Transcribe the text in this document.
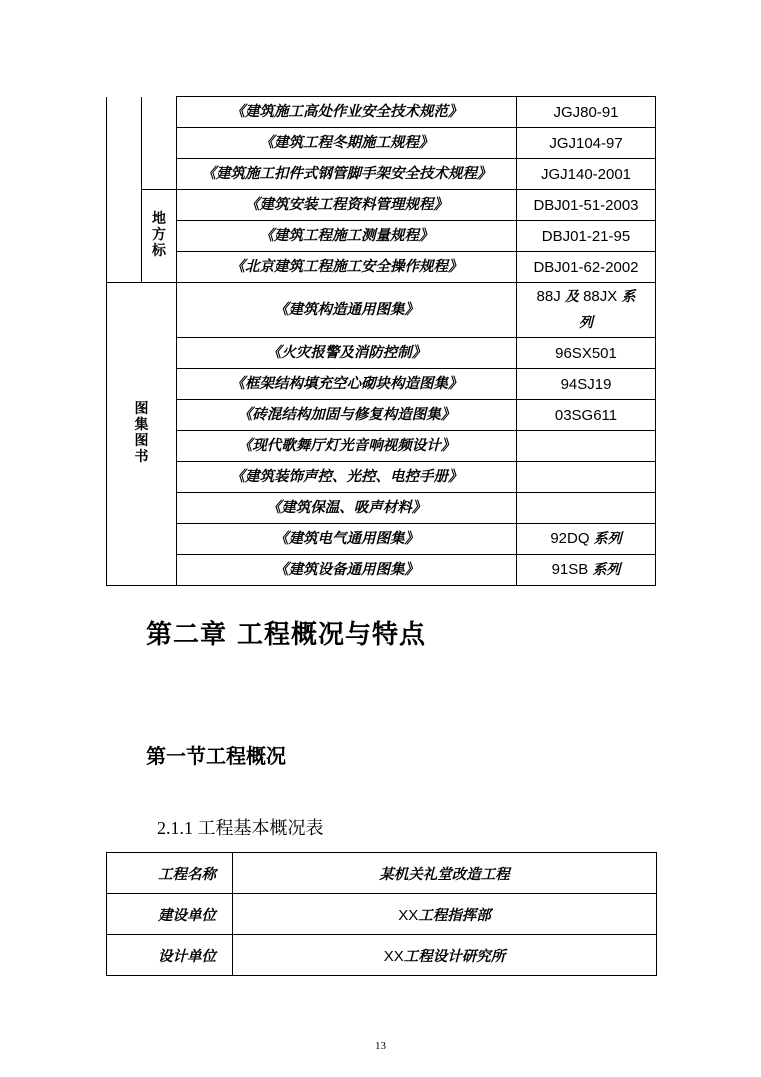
		《建筑施工高处作业安全技术规范》	JGJ80-91
		《建筑工程冬期施工规程》	JGJ104-97
		《建筑施工扣件式钢管脚手架安全技术规程》	JGJ140-2001
	地方标	《建筑安装工程资料管理规程》	DBJ01-51-2003
		《建筑工程施工测量规程》	DBJ01-21-95
		《北京建筑工程施工安全操作规程》	DBJ01-62-2002
图集图书		《建筑构造通用图集》	88J 及 88JX 系
列

		《火灾报警及消防控制》	96SX501
		《框架结构填充空心砌块构造图集》	94SJ19
		《砖混结构加固与修复构造图集》	03SG611
		《现代歌舞厅灯光音响视频设计》	
		《建筑装饰声控、光控、电控手册》	
		《建筑保温、吸声材料》	
		《建筑电气通用图集》	92DQ 系列
		《建筑设备通用图集》	91SB 系列
第二章 工程概况与特点
第一节工程概况
2.1.1 工程基本概况表
工程名称	某机关礼堂改造工程
建设单位	XX工程指挥部
设计单位	XX工程设计研究所
13
